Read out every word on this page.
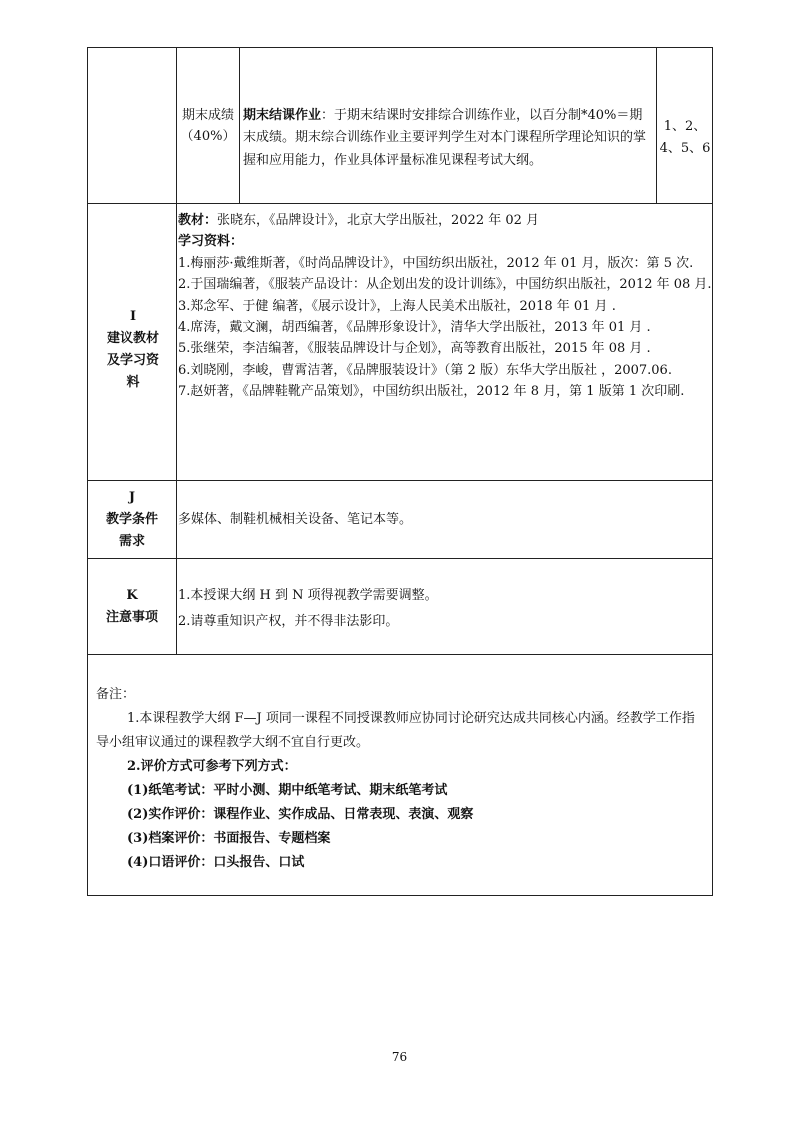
期末成绩（40%）
期末结课作业：于期末结课时安排综合训练作业，以百分制*40%＝期末成绩。期末综合训练作业主要评判学生对本门课程所学理论知识的掌握和应用能力，作业具体评量标准见课程考试大纲。
1、2、4、5、6
I
建议教材及学习资料
教材：张晓东，《品牌设计》，北京大学出版社，2022 年 02 月
学习资料：
1.梅丽莎·戴维斯著，《时尚品牌设计》，中国纺织出版社，2012 年 01 月，版次：第 5 次.
2.于国瑞编著，《服装产品设计：从企划出发的设计训练》，中国纺织出版社，2012 年 08 月.
3.郑念军、于健 编著，《展示设计》，上海人民美术出版社，2018 年 01 月 .
4.席涛，戴文澜，胡西编著，《品牌形象设计》，清华大学出版社，2013 年 01 月 .
5.张继荣，李洁编著，《服装品牌设计与企划》，高等教育出版社，2015 年 08 月 .
6.刘晓刚，李峻，曹霄洁著，《品牌服装设计》（第 2 版）东华大学出版社 ，2007.06.
7.赵妍著，《品牌鞋靴产品策划》，中国纺织出版社，2012 年 8 月，第 1 版第 1 次印刷.
J
教学条件需求
多媒体、制鞋机械相关设备、笔记本等。
K
注意事项
1.本授课大纲 H 到 N 项得视教学需要调整。
2.请尊重知识产权，并不得非法影印。
备注：
1.本课程教学大纲 F—J 项同一课程不同授课教师应协同讨论研究达成共同核心内涵。经教学工作指导小组审议通过的课程教学大纲不宜自行更改。
2.评价方式可参考下列方式：
(1)纸笔考试：平时小测、期中纸笔考试、期末纸笔考试
(2)实作评价：课程作业、实作成品、日常表现、表演、观察
(3)档案评价：书面报告、专题档案
(4)口语评价：口头报告、口试
76
